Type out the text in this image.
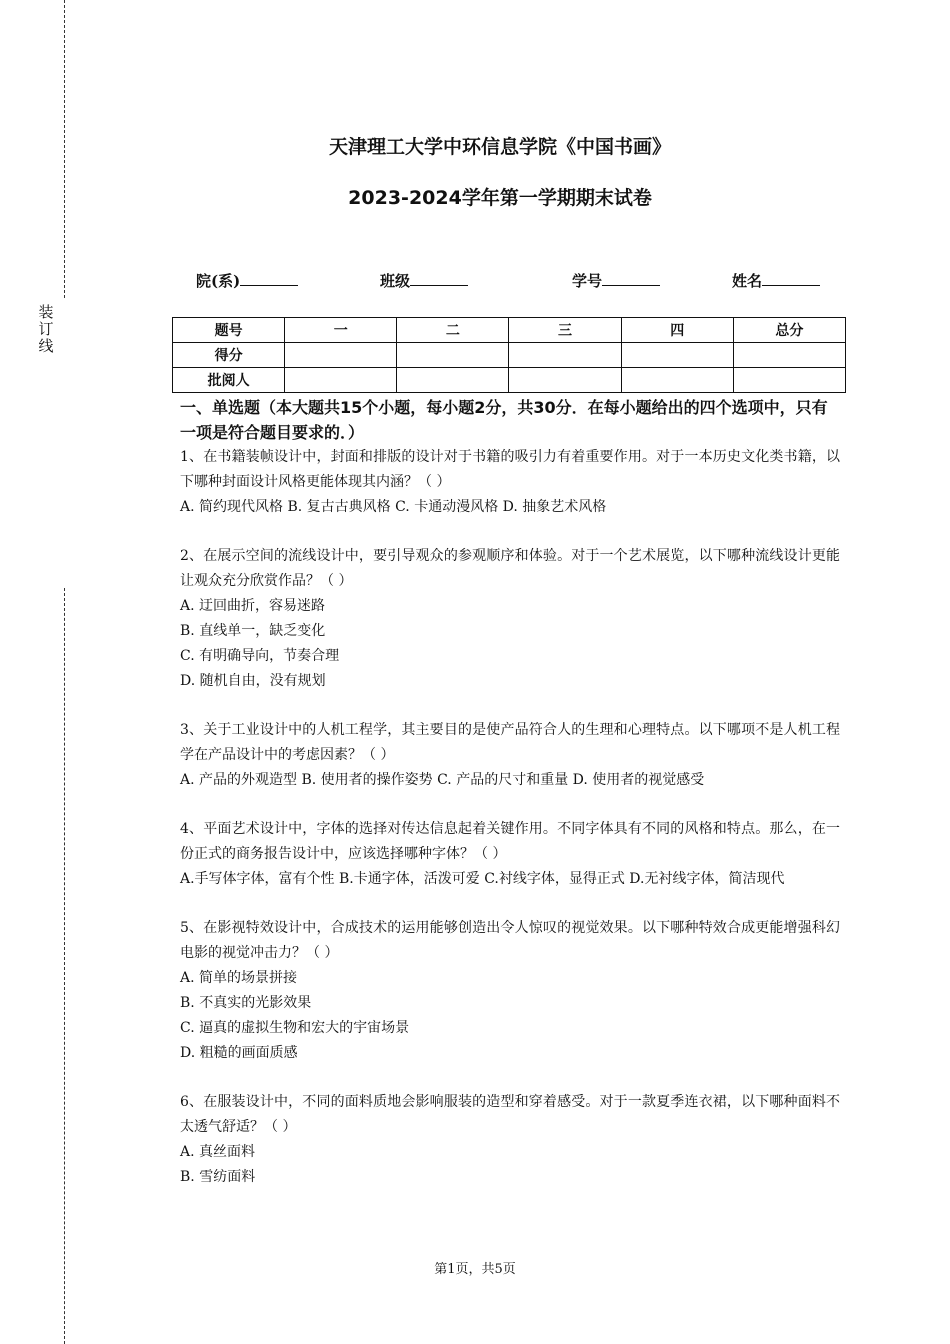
装
订
线
天津理工大学中环信息学院《中国书画》
2023-2024学年第一学期期末试卷
院(系)	班级	学号	姓名
题号	一	二	三	四	总分
得分					
批阅人					
一、单选题（本大题共15个小题，每小题2分，共30分．在每小题给出的四个选项中，只有一项是符合题目要求的．）
1、在书籍装帧设计中，封面和排版的设计对于书籍的吸引力有着重要作用。对于一本历史文化类书籍，以下哪种封面设计风格更能体现其内涵？（ ）
A. 简约现代风格 B. 复古古典风格 C. 卡通动漫风格 D. 抽象艺术风格
2、在展示空间的流线设计中，要引导观众的参观顺序和体验。对于一个艺术展览，以下哪种流线设计更能让观众充分欣赏作品？（ ）
A. 迂回曲折，容易迷路
B. 直线单一，缺乏变化
C. 有明确导向，节奏合理
D. 随机自由，没有规划
3、关于工业设计中的人机工程学，其主要目的是使产品符合人的生理和心理特点。以下哪项不是人机工程学在产品设计中的考虑因素？（ ）
A. 产品的外观造型 B. 使用者的操作姿势 C. 产品的尺寸和重量 D. 使用者的视觉感受
4、平面艺术设计中，字体的选择对传达信息起着关键作用。不同字体具有不同的风格和特点。那么，在一份正式的商务报告设计中，应该选择哪种字体？（ ）
A.手写体字体，富有个性 B.卡通字体，活泼可爱 C.衬线字体，显得正式 D.无衬线字体，简洁现代
5、在影视特效设计中，合成技术的运用能够创造出令人惊叹的视觉效果。以下哪种特效合成更能增强科幻电影的视觉冲击力？（ ）
A. 简单的场景拼接
B. 不真实的光影效果
C. 逼真的虚拟生物和宏大的宇宙场景
D. 粗糙的画面质感
6、在服装设计中，不同的面料质地会影响服装的造型和穿着感受。对于一款夏季连衣裙，以下哪种面料不太透气舒适？（ ）
A. 真丝面料
B. 雪纺面料
第1页，共5页
